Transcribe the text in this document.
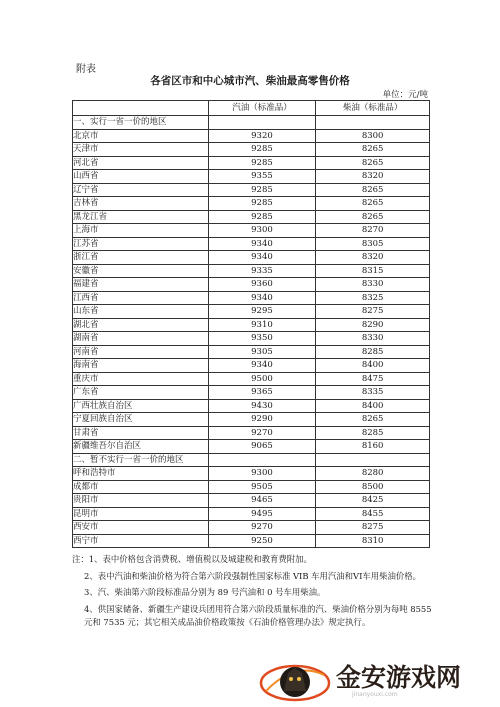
附表
各省区市和中心城市汽、柴油最高零售价格
单位：元/吨
	汽油（标准品）	柴油（标准品）
一、实行一省一价的地区		
北京市	9320	8300
天津市	9285	8265
河北省	9285	8265
山西省	9355	8320
辽宁省	9285	8265
吉林省	9285	8265
黑龙江省	9285	8265
上海市	9300	8270
江苏省	9340	8305
浙江省	9340	8320
安徽省	9335	8315
福建省	9360	8330
江西省	9340	8325
山东省	9295	8275
湖北省	9310	8290
湖南省	9350	8330
河南省	9305	8285
海南省	9340	8400
重庆市	9500	8475
广东省	9365	8335
广西壮族自治区	9430	8400
宁夏回族自治区	9290	8265
甘肃省	9270	8285
新疆维吾尔自治区	9065	8160
二、暂不实行一省一价的地区		
呼和浩特市	9300	8280
成都市	9505	8500
贵阳市	9465	8425
昆明市	9495	8455
西安市	9270	8275
西宁市	9250	8310

注：1、表中价格包含消费税、增值税以及城建税和教育费附加。

2、表中汽油和柴油价格为符合第六阶段强制性国家标准 VIB 车用汽油和VI车用柴油价格。

3、汽、柴油第六阶段标准品分别为 89 号汽油和 0 号车用柴油。

4、供国家储备、新疆生产建设兵团用符合第六阶段质量标准的汽、柴油价格分别为每吨 8555 元和 7535 元；其它相关成品油价格政策按《石油价格管理办法》规定执行。

金安游戏网
jinanyouxi.com
